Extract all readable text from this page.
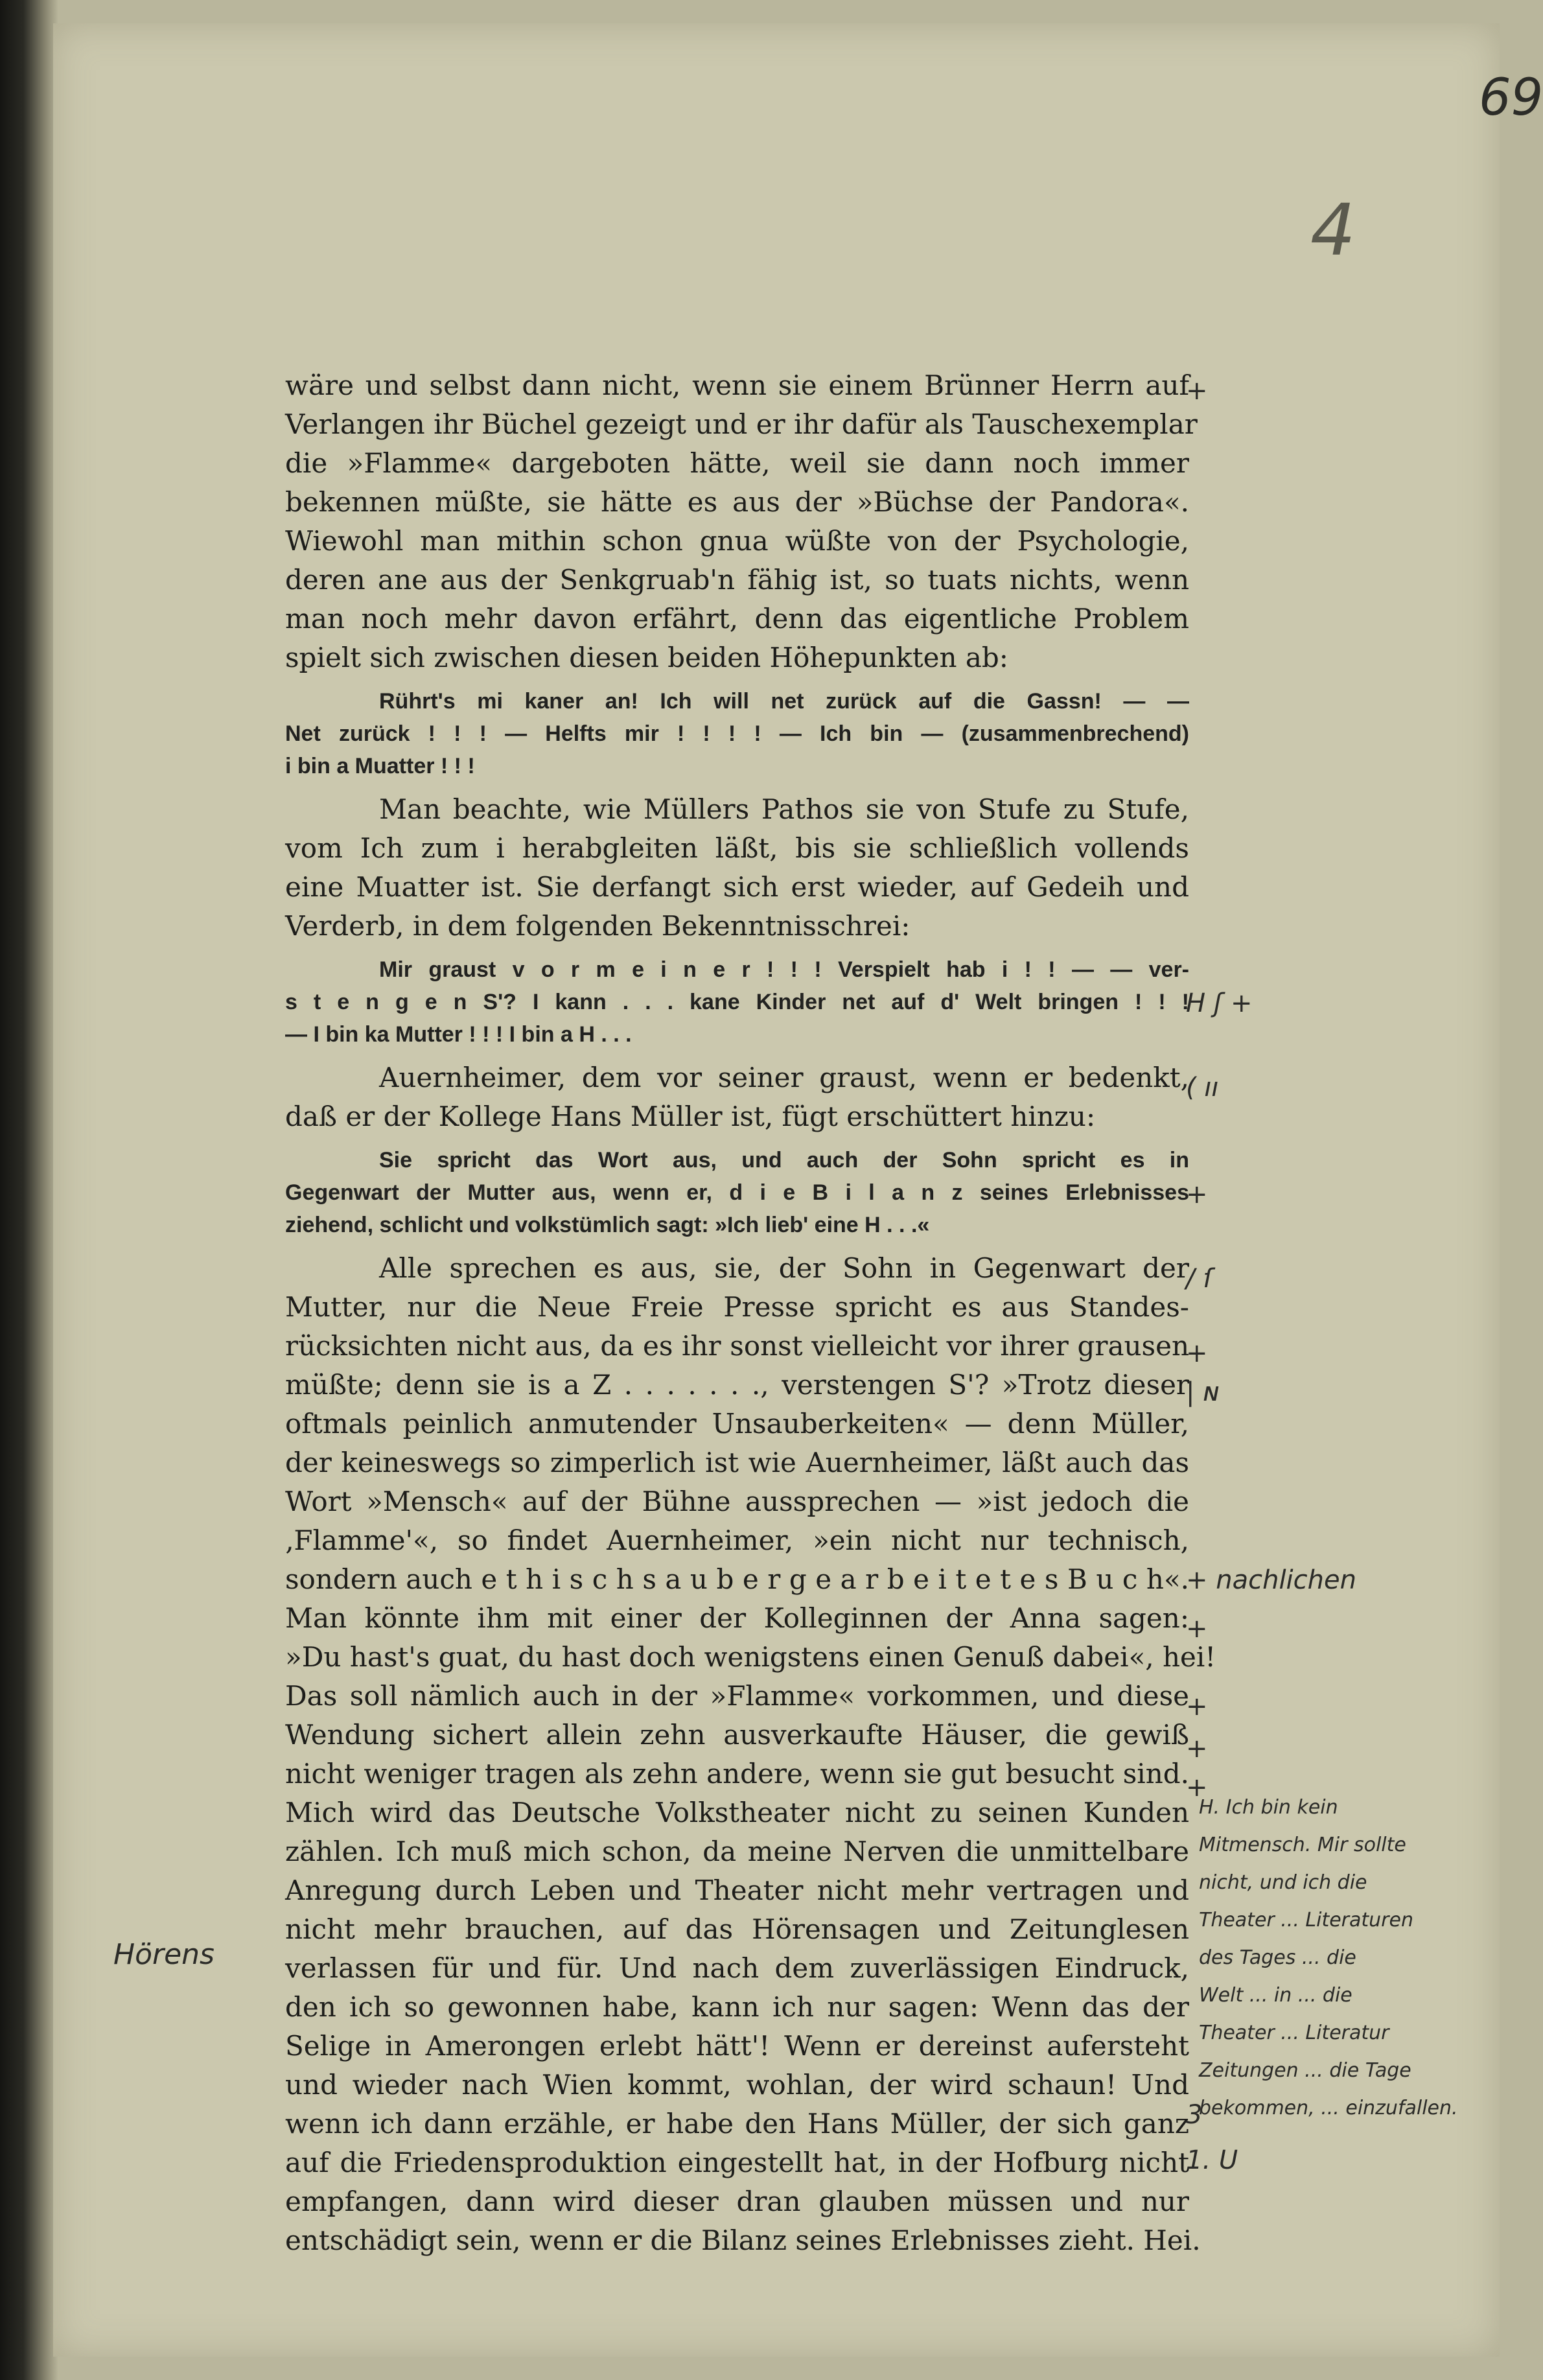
69
4
wäre und selbst dann nicht, wenn sie einem Brünner Herrn auf
Verlangen ihr Büchel gezeigt und er ihr dafür als Tauschexemplar
die »Flamme« dargeboten hätte, weil sie dann noch immer
bekennen müßte, sie hätte es aus der »Büchse der Pandora«.
Wiewohl man mithin schon gnua wüßte von der Psychologie,
deren ane aus der Senkgruab'n fähig ist, so tuats nichts, wenn
man noch mehr davon erfährt, denn das eigentliche Problem
spielt sich zwischen diesen beiden Höhepunkten ab:
Rührt's mi kaner an! Ich will net zurück auf die Gassn! — —
Net zurück ! ! ! — Helfts mir ! ! ! ! — Ich bin — (zusammenbrechend)
i bin a Muatter ! ! !
Man beachte, wie Müllers Pathos sie von Stufe zu Stufe,
vom Ich zum i herabgleiten läßt, bis sie schließlich vollends
eine Muatter ist. Sie derfangt sich erst wieder, auf Gedeih und
Verderb, in dem folgenden Bekenntnisschrei:
Mir graust v o r m e i n e r ! ! ! Verspielt hab i ! ! — — ver-
s t e n g e n S'? I kann . . . kane Kinder net auf d' Welt bringen ! ! !
— I bin ka Mutter ! ! ! I bin a H . . .
Auernheimer, dem vor seiner graust, wenn er bedenkt,
daß er der Kollege Hans Müller ist, fügt erschüttert hinzu:
Sie spricht das Wort aus, und auch der Sohn spricht es in
Gegenwart der Mutter aus, wenn er, d i e B i l a n z seines Erlebnisses
ziehend, schlicht und volkstümlich sagt: »Ich lieb' eine H . . .«
Alle sprechen es aus, sie, der Sohn in Gegenwart der
Mutter, nur die Neue Freie Presse spricht es aus Standes-
rücksichten nicht aus, da es ihr sonst vielleicht vor ihrer grausen
müßte; denn sie is a Z . . . . . . ., verstengen S'? »Trotz dieser
oftmals peinlich anmutender Unsauberkeiten« — denn Müller,
der keineswegs so zimperlich ist wie Auernheimer, läßt auch das
Wort »Mensch« auf der Bühne aussprechen — »ist jedoch die
‚Flamme'«, so findet Auernheimer, »ein nicht nur technisch,
sondern auch e t h i s c h s a u b e r g e a r b e i t e t e s B u c h«.
Man könnte ihm mit einer der Kolleginnen der Anna sagen:
»Du hast's guat, du hast doch wenigstens einen Genuß dabei«, hei!
Das soll nämlich auch in der »Flamme« vorkommen, und diese
Wendung sichert allein zehn ausverkaufte Häuser, die gewiß
nicht weniger tragen als zehn andere, wenn sie gut besucht sind.
Mich wird das Deutsche Volkstheater nicht zu seinen Kunden
zählen. Ich muß mich schon, da meine Nerven die unmittelbare
Anregung durch Leben und Theater nicht mehr vertragen und
nicht mehr brauchen, auf das Hörensagen und Zeitunglesen
verlassen für und für. Und nach dem zuverlässigen Eindruck,
den ich so gewonnen habe, kann ich nur sagen: Wenn das der
Selige in Amerongen erlebt hätt'! Wenn er dereinst aufersteht
und wieder nach Wien kommt, wohlan, der wird schaun! Und
wenn ich dann erzähle, er habe den Hans Müller, der sich ganz
auf die Friedensproduktion eingestellt hat, in der Hofburg nicht
empfangen, dann wird dieser dran glauben müssen und nur
entschädigt sein, wenn er die Bilanz seines Erlebnisses zieht. Hei.
+
H ʃ +
( ıı
+
/ ſ
+
| ɴ
+ nachlichen
+
+
+
+
3
1. U
Hörens
H. Ich bin kein
Mitmensch. Mir sollte
nicht, und ich die
Theater ... Literaturen
des Tages ... die
Welt ... in ... die
Theater ... Literatur
Zeitungen ... die Tage
bekommen, ... einzufallen.
